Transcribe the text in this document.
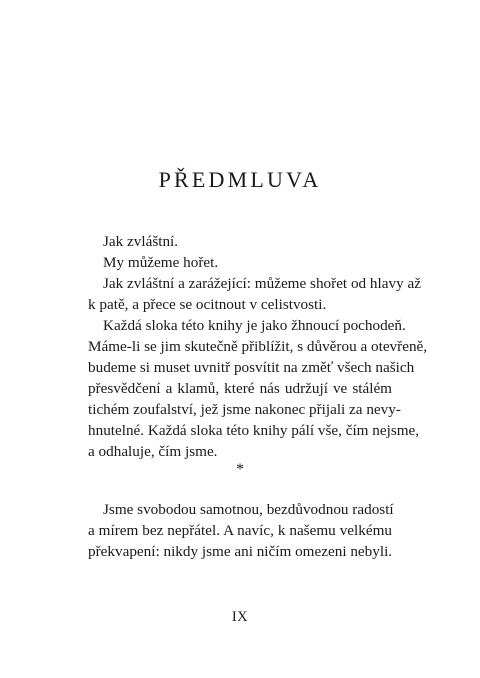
PŘEDMLUVA
Jak zvláštní.
My můžeme hořet.
Jak zvláštní a zarážející: můžeme shořet od hlavy až
k patě, a přece se ocitnout v celistvosti.
Každá sloka této knihy je jako žhnoucí pochodeň.
Máme-li se jim skutečně přiblížit, s důvěrou a otevřeně,
budeme si muset uvnitř posvítit na změť všech našich
přesvědčení a klamů, které nás udržují ve stálém
tichém zoufalství, jež jsme nakonec přijali za nevy-
hnutelné. Každá sloka této knihy pálí vše, čím nejsme,
a odhaluje, čím jsme.
*
Jsme svobodou samotnou, bezdůvodnou radostí
a mírem bez nepřátel. A navíc, k našemu velkému
překvapení: nikdy jsme ani ničím omezeni nebyli.
IX
